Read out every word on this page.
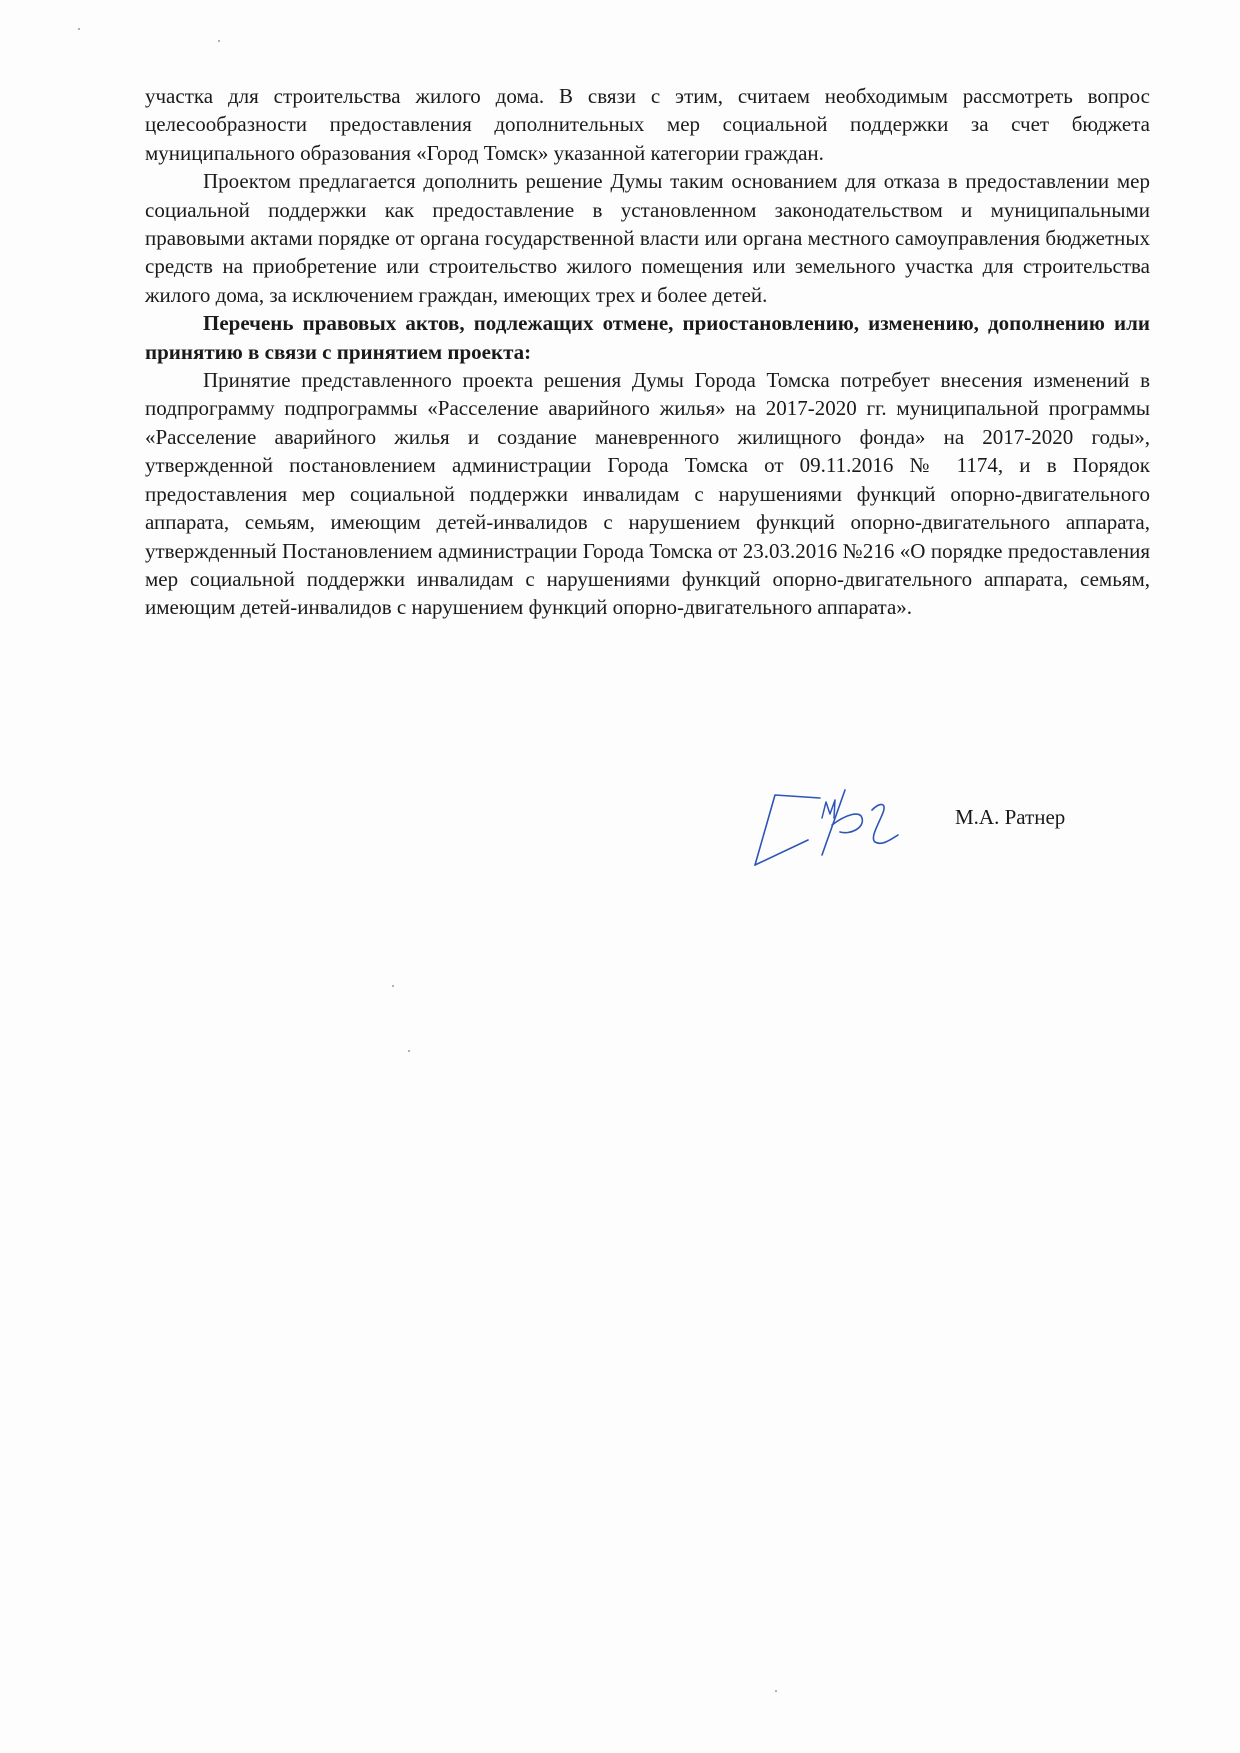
участка для строительства жилого дома. В связи с этим, считаем необходимым рассмотреть вопрос целесообразности предоставления дополнительных мер социальной поддержки за счет бюджета муниципального образования «Город Томск» указанной категории граждан.

Проектом предлагается дополнить решение Думы таким основанием для отказа в предоставлении мер социальной поддержки как предоставление в установленном законодательством и муниципальными правовыми актами порядке от органа государственной власти или органа местного самоуправления бюджетных средств на приобретение или строительство жилого помещения или земельного участка для строительства жилого дома, за исключением граждан, имеющих трех и более детей.

Перечень правовых актов, подлежащих отмене, приостановлению, изменению, дополнению или принятию в связи с принятием проекта:

Принятие представленного проекта решения Думы Города Томска потребует внесения изменений в подпрограмму подпрограммы «Расселение аварийного жилья» на 2017-2020 гг. муниципальной программы «Расселение аварийного жилья и создание маневренного жилищного фонда» на 2017-2020 годы», утвержденной постановлением администрации Города Томска от 09.11.2016 № 1174, и в Порядок предоставления мер социальной поддержки инвалидам с нарушениями функций опорно-двигательного аппарата, семьям, имеющим детей-инвалидов с нарушением функций опорно-двигательного аппарата, утвержденный Постановлением администрации Города Томска от 23.03.2016 №216 «О порядке предоставления мер социальной поддержки инвалидам с нарушениями функций опорно-двигательного аппарата, семьям, имеющим детей-инвалидов с нарушением функций опорно-двигательного аппарата».

М.А. Ратнер
